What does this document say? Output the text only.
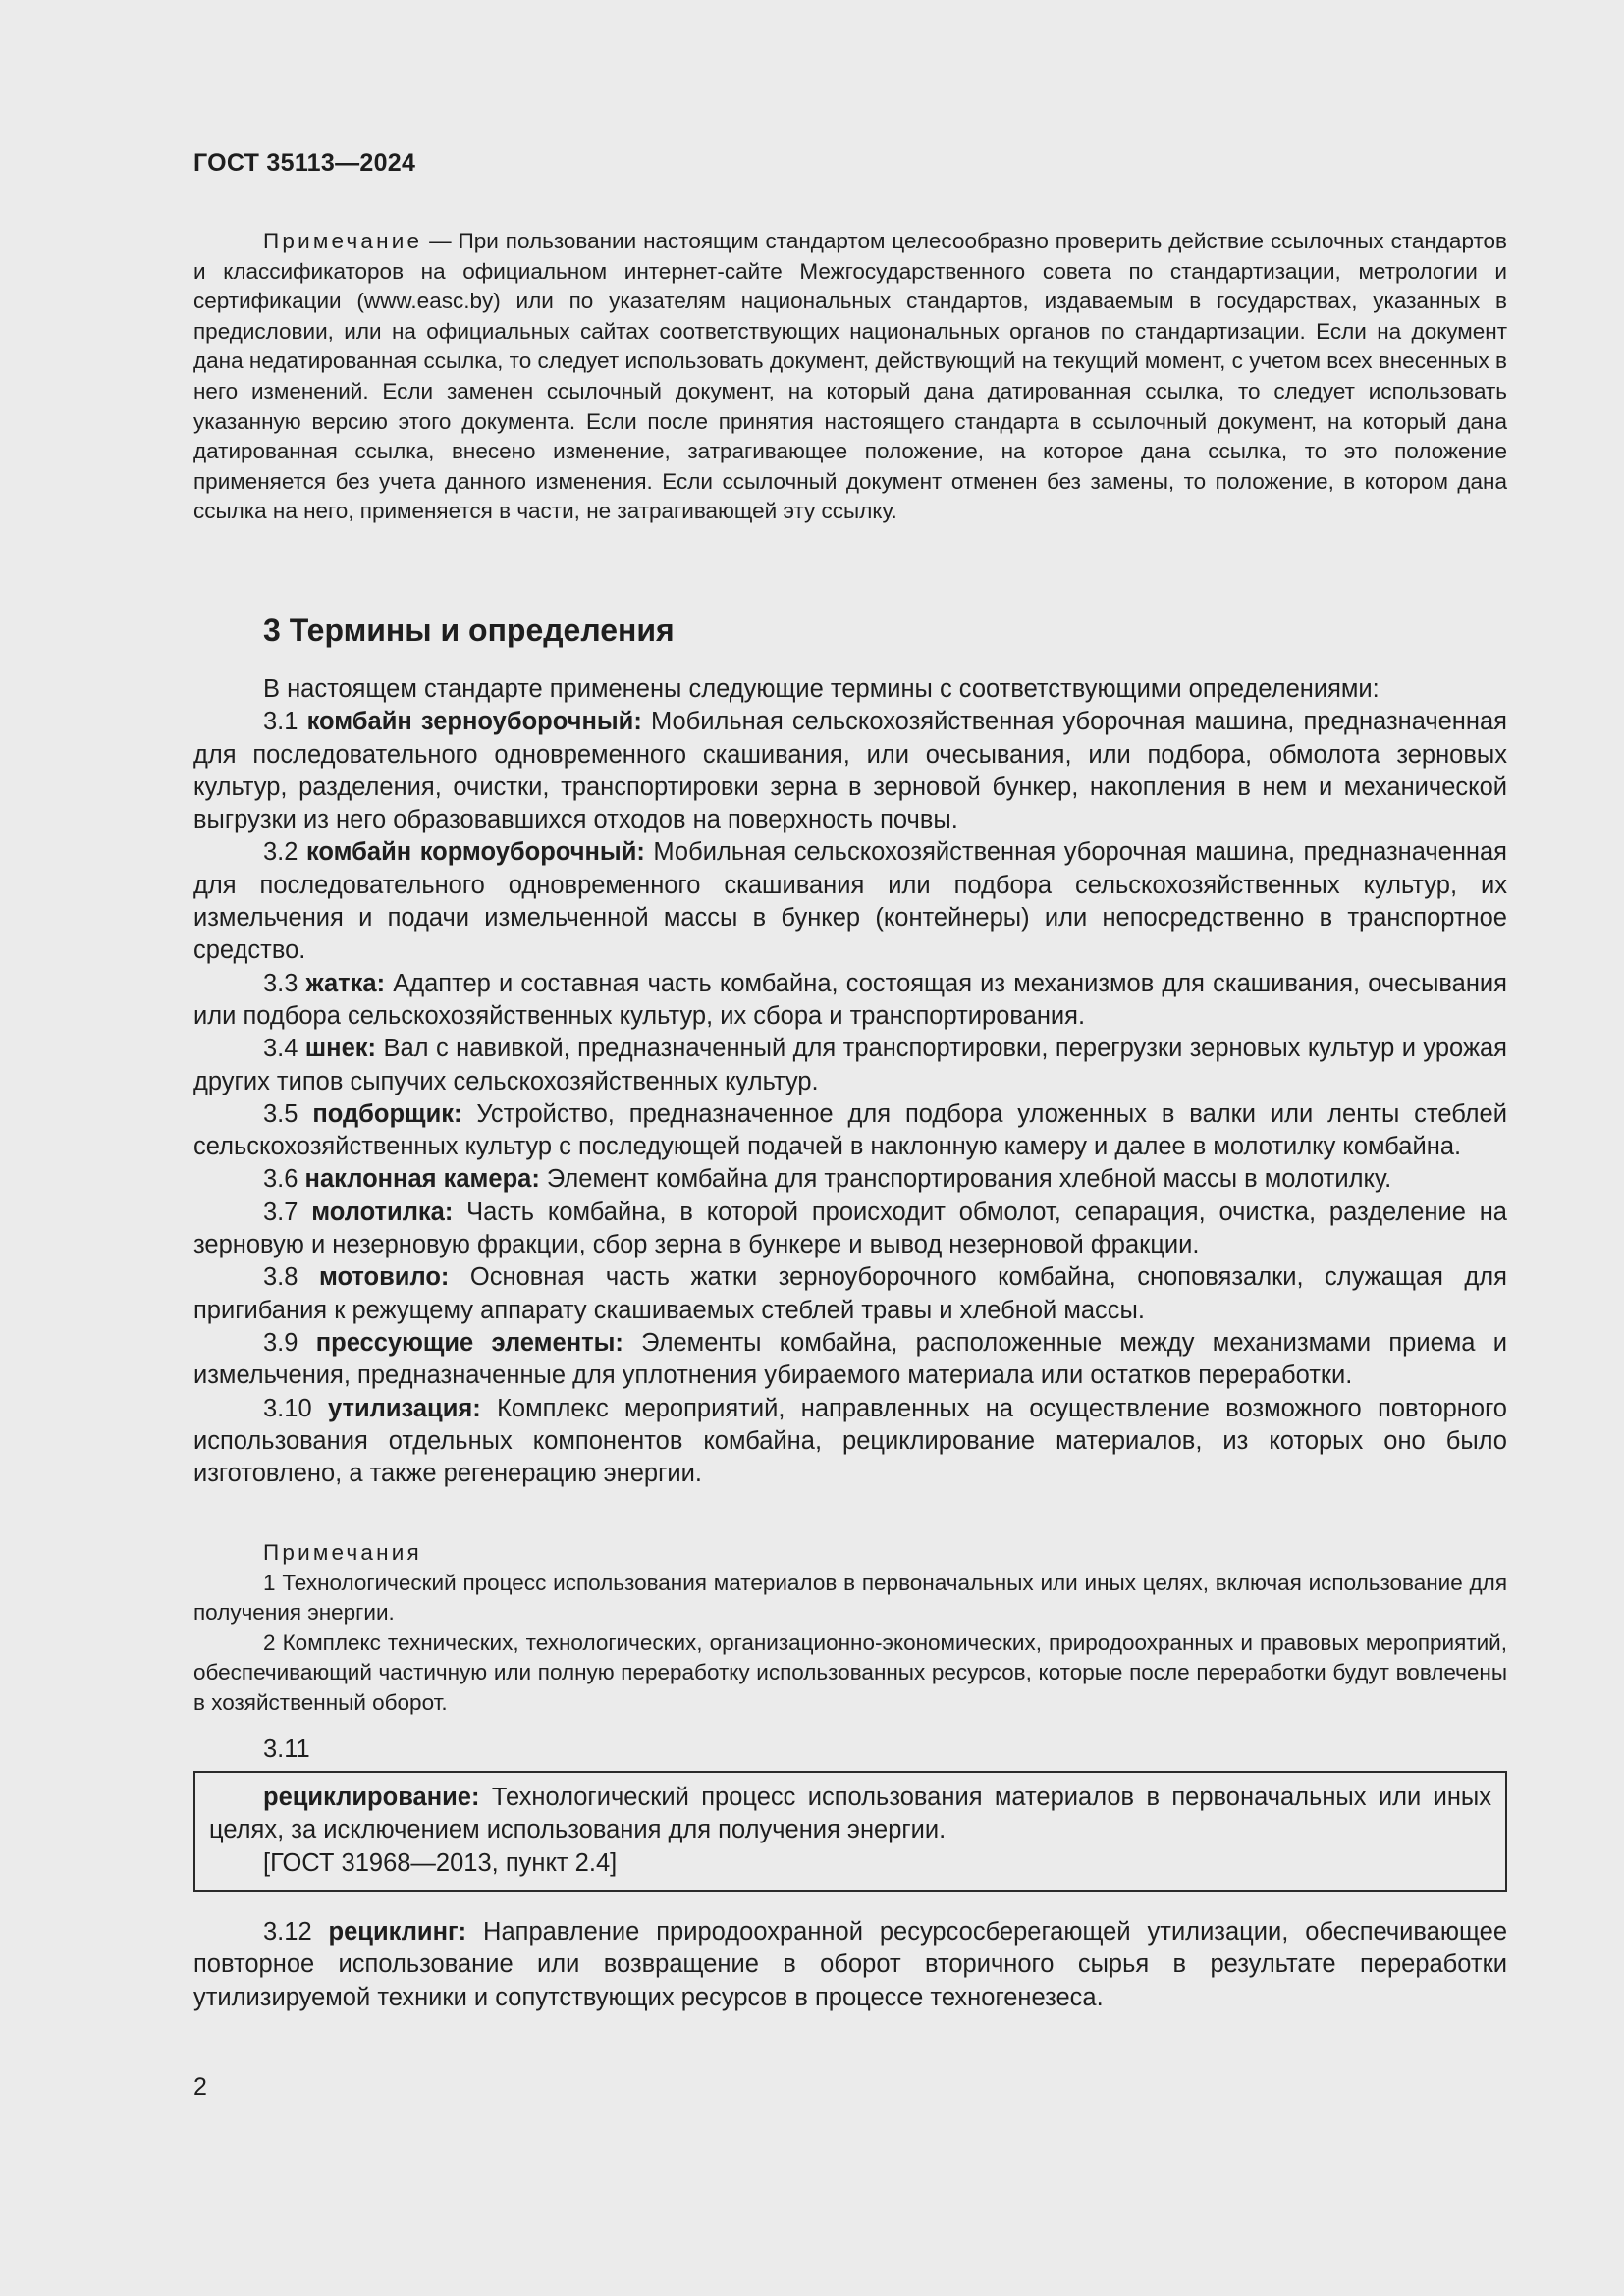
ГОСТ 35113—2024

Примечание — При пользовании настоящим стандартом целесообразно проверить действие ссылочных стандартов и классификаторов на официальном интернет-сайте Межгосударственного совета по стандартизации, метрологии и сертификации (www.easc.by) или по указателям национальных стандартов, издаваемым в государствах, указанных в предисловии, или на официальных сайтах соответствующих национальных органов по стандартизации. Если на документ дана недатированная ссылка, то следует использовать документ, действующий на текущий момент, с учетом всех внесенных в него изменений. Если заменен ссылочный документ, на который дана датированная ссылка, то следует использовать указанную версию этого документа. Если после принятия настоящего стандарта в ссылочный документ, на который дана датированная ссылка, внесено изменение, затрагивающее положение, на которое дана ссылка, то это положение применяется без учета данного изменения. Если ссылочный документ отменен без замены, то положение, в котором дана ссылка на него, применяется в части, не затрагивающей эту ссылку.

3 Термины и определения

В настоящем стандарте применены следующие термины с соответствующими определениями:

3.1 комбайн зерноуборочный: Мобильная сельскохозяйственная уборочная машина, предназначенная для последовательного одновременного скашивания, или очесывания, или подбора, обмолота зерновых культур, разделения, очистки, транспортировки зерна в зерновой бункер, накопления в нем и механической выгрузки из него образовавшихся отходов на поверхность почвы.

3.2 комбайн кормоуборочный: Мобильная сельскохозяйственная уборочная машина, предназначенная для последовательного одновременного скашивания или подбора сельскохозяйственных культур, их измельчения и подачи измельченной массы в бункер (контейнеры) или непосредственно в транспортное средство.

3.3 жатка: Адаптер и составная часть комбайна, состоящая из механизмов для скашивания, очесывания или подбора сельскохозяйственных культур, их сбора и транспортирования.

3.4 шнек: Вал с навивкой, предназначенный для транспортировки, перегрузки зерновых культур и урожая других типов сыпучих сельскохозяйственных культур.

3.5 подборщик: Устройство, предназначенное для подбора уложенных в валки или ленты стеблей сельскохозяйственных культур с последующей подачей в наклонную камеру и далее в молотилку комбайна.

3.6 наклонная камера: Элемент комбайна для транспортирования хлебной массы в молотилку.

3.7 молотилка: Часть комбайна, в которой происходит обмолот, сепарация, очистка, разделение на зерновую и незерновую фракции, сбор зерна в бункере и вывод незерновой фракции.

3.8 мотовило: Основная часть жатки зерноуборочного комбайна, сноповязалки, служащая для пригибания к режущему аппарату скашиваемых стеблей травы и хлебной массы.

3.9 прессующие элементы: Элементы комбайна, расположенные между механизмами приема и измельчения, предназначенные для уплотнения убираемого материала или остатков переработки.

3.10 утилизация: Комплекс мероприятий, направленных на осуществление возможного повторного использования отдельных компонентов комбайна, рециклирование материалов, из которых оно было изготовлено, а также регенерацию энергии.

Примечания

1 Технологический процесс использования материалов в первоначальных или иных целях, включая использование для получения энергии.

2 Комплекс технических, технологических, организационно-экономических, природоохранных и правовых мероприятий, обеспечивающий частичную или полную переработку использованных ресурсов, которые после переработки будут вовлечены в хозяйственный оборот.

3.11

рециклирование: Технологический процесс использования материалов в первоначальных или иных целях, за исключением использования для получения энергии.

[ГОСТ 31968—2013, пункт 2.4]

3.12 рециклинг: Направление природоохранной ресурсосберегающей утилизации, обеспечивающее повторное использование или возвращение в оборот вторичного сырья в результате переработки утилизируемой техники и сопутствующих ресурсов в процессе техногенезеса.

2
